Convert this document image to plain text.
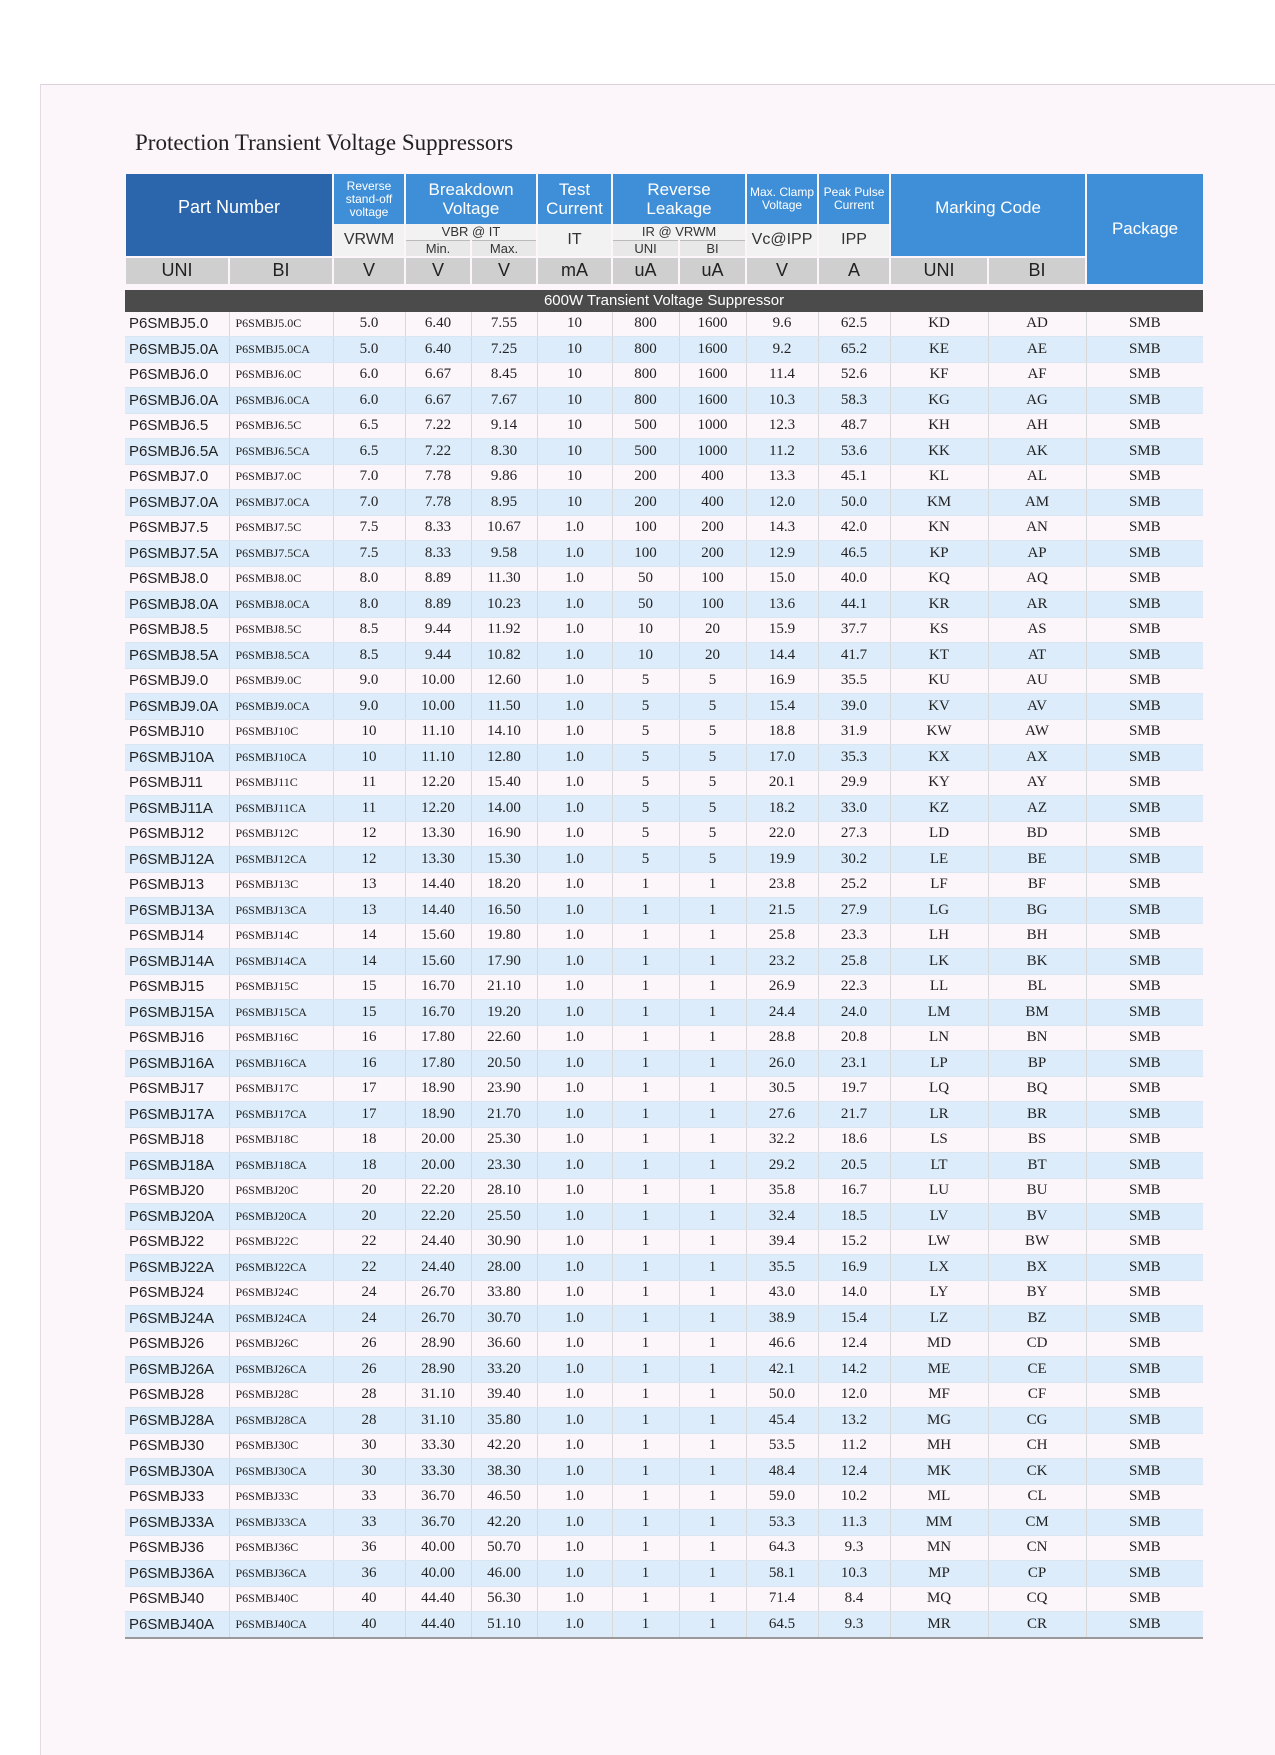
Protection Transient Voltage Suppressors
Part Number		Reverse stand-off voltage	Breakdown Voltage		Test Current	Reverse Leakage		Max. Clamp Voltage	Peak Pulse Current	Marking Code		Package
		VRWM	VBR @ IT		IT	IR @ VRWM		Vc@IPP	IPP			
			Min.	Max.		UNI	BI					
UNI	BI	V	V	V	mA	uA	uA	V	A	UNI	BI	

600W Transient Voltage Suppressor												
P6SMBJ5.0	P6SMBJ5.0C	5.0	6.40	7.55	10	800	1600	9.6	62.5	KD	AD	SMB
P6SMBJ5.0A	P6SMBJ5.0CA	5.0	6.40	7.25	10	800	1600	9.2	65.2	KE	AE	SMB
P6SMBJ6.0	P6SMBJ6.0C	6.0	6.67	8.45	10	800	1600	11.4	52.6	KF	AF	SMB
P6SMBJ6.0A	P6SMBJ6.0CA	6.0	6.67	7.67	10	800	1600	10.3	58.3	KG	AG	SMB
P6SMBJ6.5	P6SMBJ6.5C	6.5	7.22	9.14	10	500	1000	12.3	48.7	KH	AH	SMB
P6SMBJ6.5A	P6SMBJ6.5CA	6.5	7.22	8.30	10	500	1000	11.2	53.6	KK	AK	SMB
P6SMBJ7.0	P6SMBJ7.0C	7.0	7.78	9.86	10	200	400	13.3	45.1	KL	AL	SMB
P6SMBJ7.0A	P6SMBJ7.0CA	7.0	7.78	8.95	10	200	400	12.0	50.0	KM	AM	SMB
P6SMBJ7.5	P6SMBJ7.5C	7.5	8.33	10.67	1.0	100	200	14.3	42.0	KN	AN	SMB
P6SMBJ7.5A	P6SMBJ7.5CA	7.5	8.33	9.58	1.0	100	200	12.9	46.5	KP	AP	SMB
P6SMBJ8.0	P6SMBJ8.0C	8.0	8.89	11.30	1.0	50	100	15.0	40.0	KQ	AQ	SMB
P6SMBJ8.0A	P6SMBJ8.0CA	8.0	8.89	10.23	1.0	50	100	13.6	44.1	KR	AR	SMB
P6SMBJ8.5	P6SMBJ8.5C	8.5	9.44	11.92	1.0	10	20	15.9	37.7	KS	AS	SMB
P6SMBJ8.5A	P6SMBJ8.5CA	8.5	9.44	10.82	1.0	10	20	14.4	41.7	KT	AT	SMB
P6SMBJ9.0	P6SMBJ9.0C	9.0	10.00	12.60	1.0	5	5	16.9	35.5	KU	AU	SMB
P6SMBJ9.0A	P6SMBJ9.0CA	9.0	10.00	11.50	1.0	5	5	15.4	39.0	KV	AV	SMB
P6SMBJ10	P6SMBJ10C	10	11.10	14.10	1.0	5	5	18.8	31.9	KW	AW	SMB
P6SMBJ10A	P6SMBJ10CA	10	11.10	12.80	1.0	5	5	17.0	35.3	KX	AX	SMB
P6SMBJ11	P6SMBJ11C	11	12.20	15.40	1.0	5	5	20.1	29.9	KY	AY	SMB
P6SMBJ11A	P6SMBJ11CA	11	12.20	14.00	1.0	5	5	18.2	33.0	KZ	AZ	SMB
P6SMBJ12	P6SMBJ12C	12	13.30	16.90	1.0	5	5	22.0	27.3	LD	BD	SMB
P6SMBJ12A	P6SMBJ12CA	12	13.30	15.30	1.0	5	5	19.9	30.2	LE	BE	SMB
P6SMBJ13	P6SMBJ13C	13	14.40	18.20	1.0	1	1	23.8	25.2	LF	BF	SMB
P6SMBJ13A	P6SMBJ13CA	13	14.40	16.50	1.0	1	1	21.5	27.9	LG	BG	SMB
P6SMBJ14	P6SMBJ14C	14	15.60	19.80	1.0	1	1	25.8	23.3	LH	BH	SMB
P6SMBJ14A	P6SMBJ14CA	14	15.60	17.90	1.0	1	1	23.2	25.8	LK	BK	SMB
P6SMBJ15	P6SMBJ15C	15	16.70	21.10	1.0	1	1	26.9	22.3	LL	BL	SMB
P6SMBJ15A	P6SMBJ15CA	15	16.70	19.20	1.0	1	1	24.4	24.0	LM	BM	SMB
P6SMBJ16	P6SMBJ16C	16	17.80	22.60	1.0	1	1	28.8	20.8	LN	BN	SMB
P6SMBJ16A	P6SMBJ16CA	16	17.80	20.50	1.0	1	1	26.0	23.1	LP	BP	SMB
P6SMBJ17	P6SMBJ17C	17	18.90	23.90	1.0	1	1	30.5	19.7	LQ	BQ	SMB
P6SMBJ17A	P6SMBJ17CA	17	18.90	21.70	1.0	1	1	27.6	21.7	LR	BR	SMB
P6SMBJ18	P6SMBJ18C	18	20.00	25.30	1.0	1	1	32.2	18.6	LS	BS	SMB
P6SMBJ18A	P6SMBJ18CA	18	20.00	23.30	1.0	1	1	29.2	20.5	LT	BT	SMB
P6SMBJ20	P6SMBJ20C	20	22.20	28.10	1.0	1	1	35.8	16.7	LU	BU	SMB
P6SMBJ20A	P6SMBJ20CA	20	22.20	25.50	1.0	1	1	32.4	18.5	LV	BV	SMB
P6SMBJ22	P6SMBJ22C	22	24.40	30.90	1.0	1	1	39.4	15.2	LW	BW	SMB
P6SMBJ22A	P6SMBJ22CA	22	24.40	28.00	1.0	1	1	35.5	16.9	LX	BX	SMB
P6SMBJ24	P6SMBJ24C	24	26.70	33.80	1.0	1	1	43.0	14.0	LY	BY	SMB
P6SMBJ24A	P6SMBJ24CA	24	26.70	30.70	1.0	1	1	38.9	15.4	LZ	BZ	SMB
P6SMBJ26	P6SMBJ26C	26	28.90	36.60	1.0	1	1	46.6	12.4	MD	CD	SMB
P6SMBJ26A	P6SMBJ26CA	26	28.90	33.20	1.0	1	1	42.1	14.2	ME	CE	SMB
P6SMBJ28	P6SMBJ28C	28	31.10	39.40	1.0	1	1	50.0	12.0	MF	CF	SMB
P6SMBJ28A	P6SMBJ28CA	28	31.10	35.80	1.0	1	1	45.4	13.2	MG	CG	SMB
P6SMBJ30	P6SMBJ30C	30	33.30	42.20	1.0	1	1	53.5	11.2	MH	CH	SMB
P6SMBJ30A	P6SMBJ30CA	30	33.30	38.30	1.0	1	1	48.4	12.4	MK	CK	SMB
P6SMBJ33	P6SMBJ33C	33	36.70	46.50	1.0	1	1	59.0	10.2	ML	CL	SMB
P6SMBJ33A	P6SMBJ33CA	33	36.70	42.20	1.0	1	1	53.3	11.3	MM	CM	SMB
P6SMBJ36	P6SMBJ36C	36	40.00	50.70	1.0	1	1	64.3	9.3	MN	CN	SMB
P6SMBJ36A	P6SMBJ36CA	36	40.00	46.00	1.0	1	1	58.1	10.3	MP	CP	SMB
P6SMBJ40	P6SMBJ40C	40	44.40	56.30	1.0	1	1	71.4	8.4	MQ	CQ	SMB
P6SMBJ40A	P6SMBJ40CA	40	44.40	51.10	1.0	1	1	64.5	9.3	MR	CR	SMB
